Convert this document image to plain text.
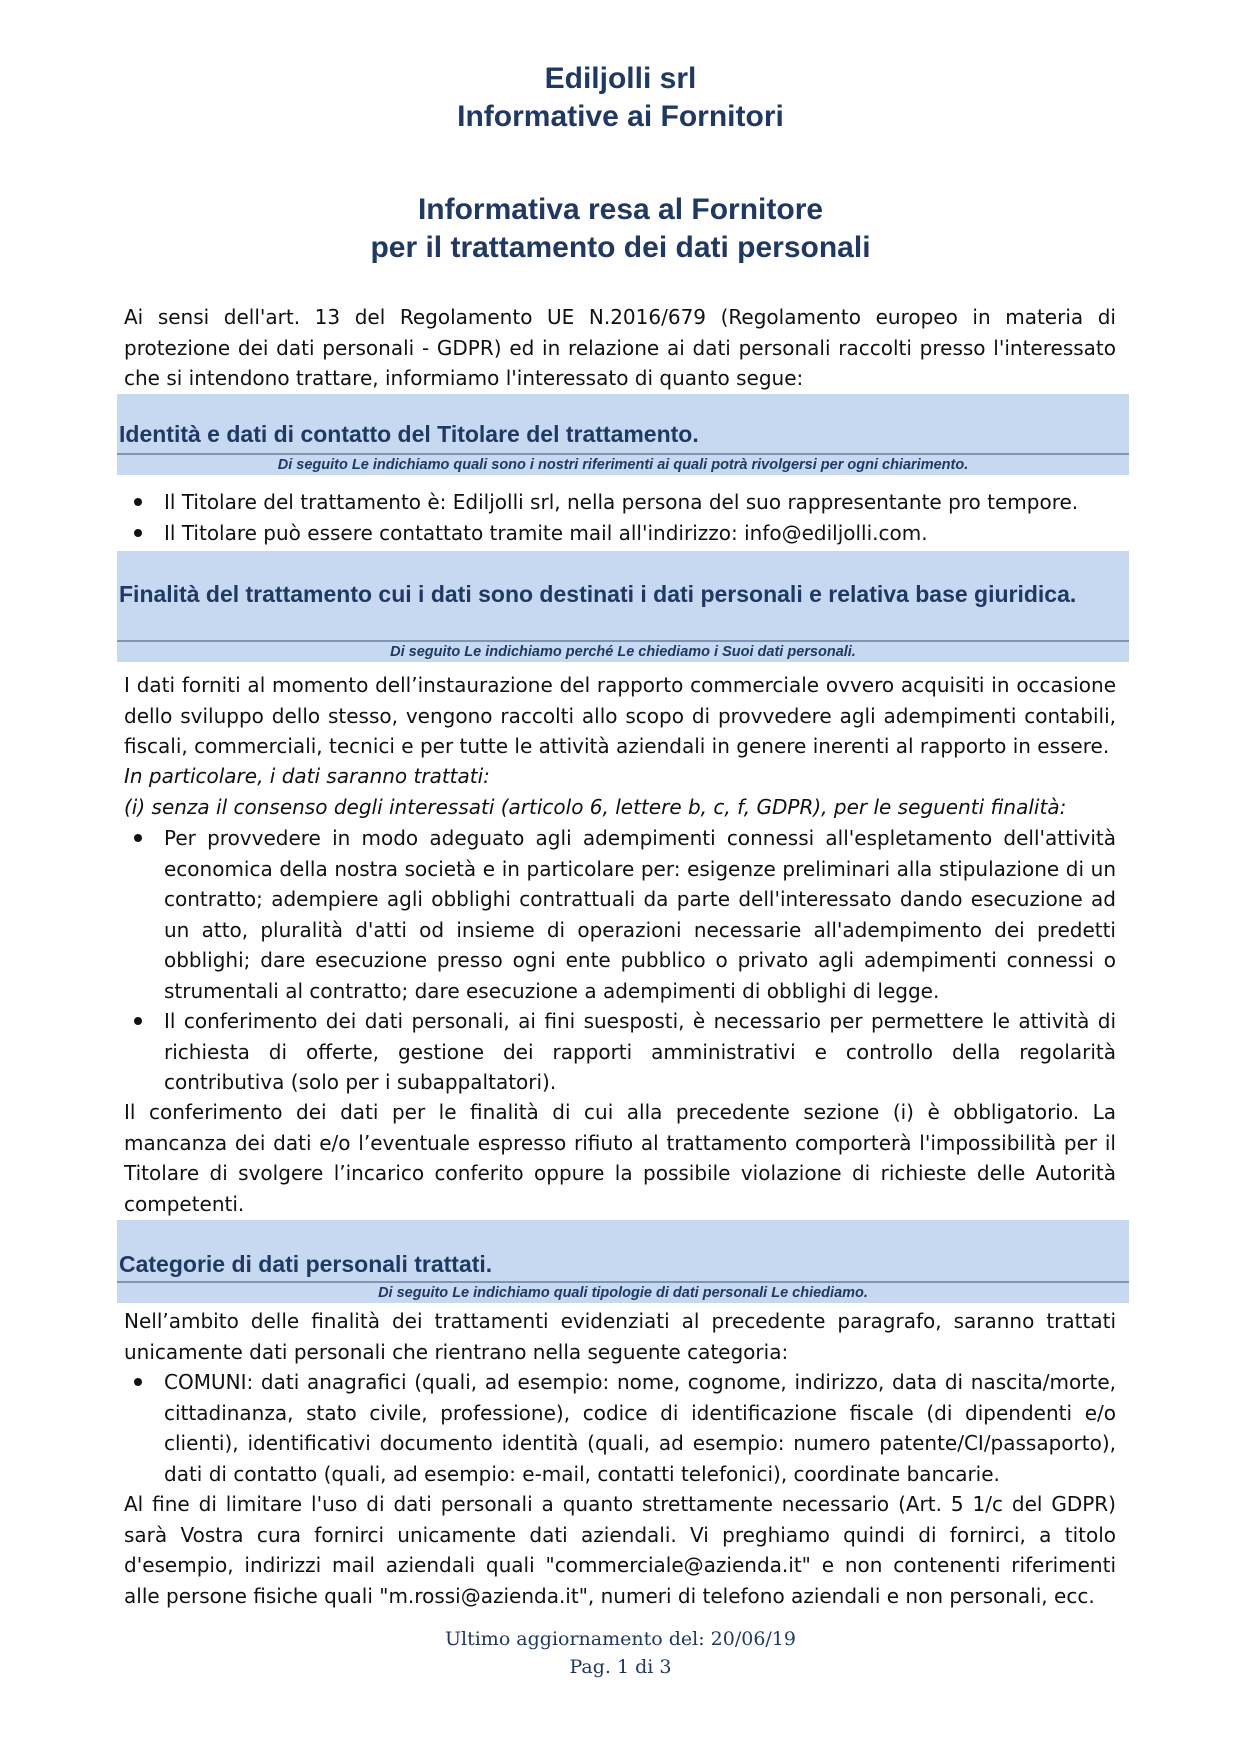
Ediljolli srl
Informative ai Fornitori
Informativa resa al Fornitore
per il trattamento dei dati personali
Ai sensi dell'art. 13 del Regolamento UE N.2016/679 (Regolamento europeo in materia di protezione dei dati personali - GDPR) ed in relazione ai dati personali raccolti presso l'interessato che si intendono trattare, informiamo l'interessato di quanto segue:
Identità e dati di contatto del Titolare del trattamento.
Di seguito Le indichiamo quali sono i nostri riferimenti ai quali potrà rivolgersi per ogni chiarimento.
Il Titolare del trattamento è: Ediljolli srl, nella persona del suo rappresentante pro tempore.
Il Titolare può essere contattato tramite mail all'indirizzo: info@ediljolli.com.
Finalità del trattamento cui i dati sono destinati i dati personali e relativa base giuridica.
Di seguito Le indichiamo perché Le chiediamo i Suoi dati personali.
I dati forniti al momento dell’instaurazione del rapporto commerciale ovvero acquisiti in occasione dello sviluppo dello stesso, vengono raccolti allo scopo di provvedere agli adempimenti contabili, fiscali, commerciali, tecnici e per tutte le attività aziendali in genere inerenti al rapporto in essere.
In particolare, i dati saranno trattati:
(i) senza il consenso degli interessati (articolo 6, lettere b, c, f, GDPR), per le seguenti finalità:
Per provvedere in modo adeguato agli adempimenti connessi all'espletamento dell'attività economica della nostra società e in particolare per: esigenze preliminari alla stipulazione di un contratto; adempiere agli obblighi contrattuali da parte dell'interessato dando esecuzione ad un atto, pluralità d'atti od insieme di operazioni necessarie all'adempimento dei predetti obblighi; dare esecuzione presso ogni ente pubblico o privato agli adempimenti connessi o strumentali al contratto; dare esecuzione a adempimenti di obblighi di legge.
Il conferimento dei dati personali, ai fini suesposti, è necessario per permettere le attività di richiesta di offerte, gestione dei rapporti amministrativi e controllo della regolarità contributiva (solo per i subappaltatori).
Il conferimento dei dati per le finalità di cui alla precedente sezione (i) è obbligatorio. La mancanza dei dati e/o l’eventuale espresso rifiuto al trattamento comporterà l'impossibilità per il Titolare di svolgere l’incarico conferito oppure la possibile violazione di richieste delle Autorità competenti.
Categorie di dati personali trattati.
Di seguito Le indichiamo quali tipologie di dati personali Le chiediamo.
Nell’ambito delle finalità dei trattamenti evidenziati al precedente paragrafo, saranno trattati unicamente dati personali che rientrano nella seguente categoria:
COMUNI: dati anagrafici (quali, ad esempio: nome, cognome, indirizzo, data di nascita/morte, cittadinanza, stato civile, professione), codice di identificazione fiscale (di dipendenti e/o clienti), identificativi documento identità (quali, ad esempio: numero patente/CI/passaporto), dati di contatto (quali, ad esempio: e-mail, contatti telefonici), coordinate bancarie.
Al fine di limitare l'uso di dati personali a quanto strettamente necessario (Art. 5 1/c del GDPR) sarà Vostra cura fornirci unicamente dati aziendali. Vi preghiamo quindi di fornirci, a titolo d'esempio, indirizzi mail aziendali quali "commerciale@azienda.it" e non contenenti riferimenti alle persone fisiche quali "m.rossi@azienda.it", numeri di telefono aziendali e non personali, ecc.
Ultimo aggiornamento del: 20/06/19
Pag. 1 di 3
